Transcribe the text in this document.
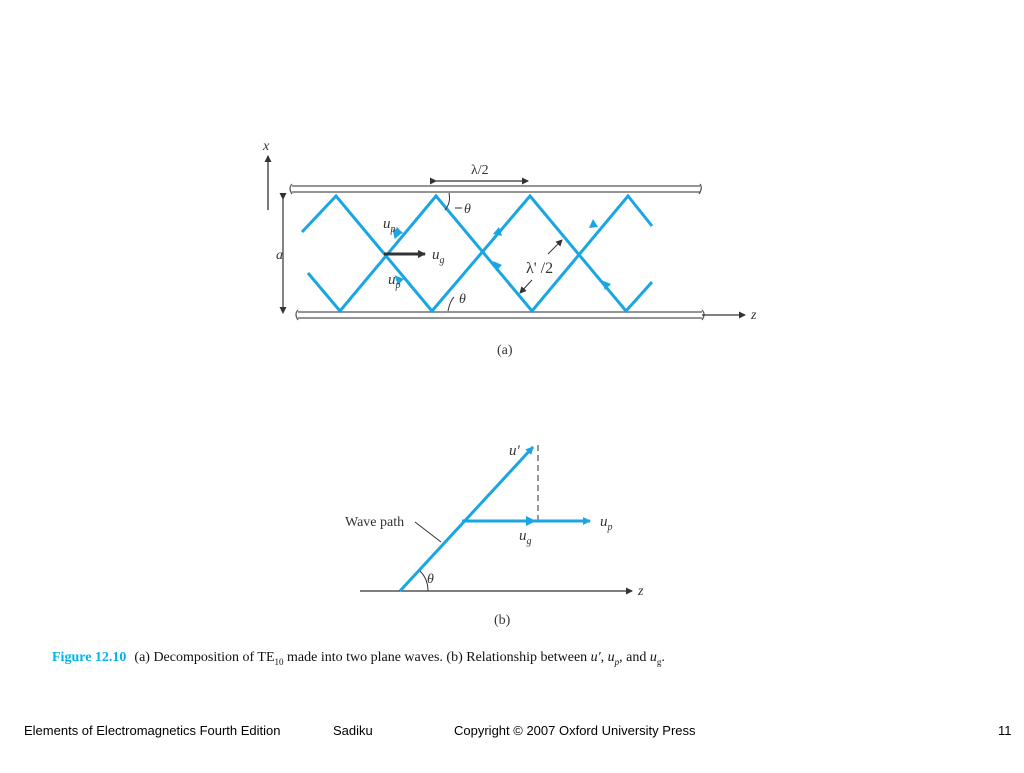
x
z
a
λ/2
$u_g$
$u_p$
$u_p$
θ
θ
λ' /2
(a)
z
u'
$u_p$
$u_g$
Wave path
θ
(b)
Figure 12.10 (a) Decomposition of $TE_{10}$ made into two plane waves. (b) Relationship between u', $u_p$, and $u_g$.
Elements of Electromagnetics Fourth Edition	Sadiku	Copyright © 2007 Oxford University Press	11
